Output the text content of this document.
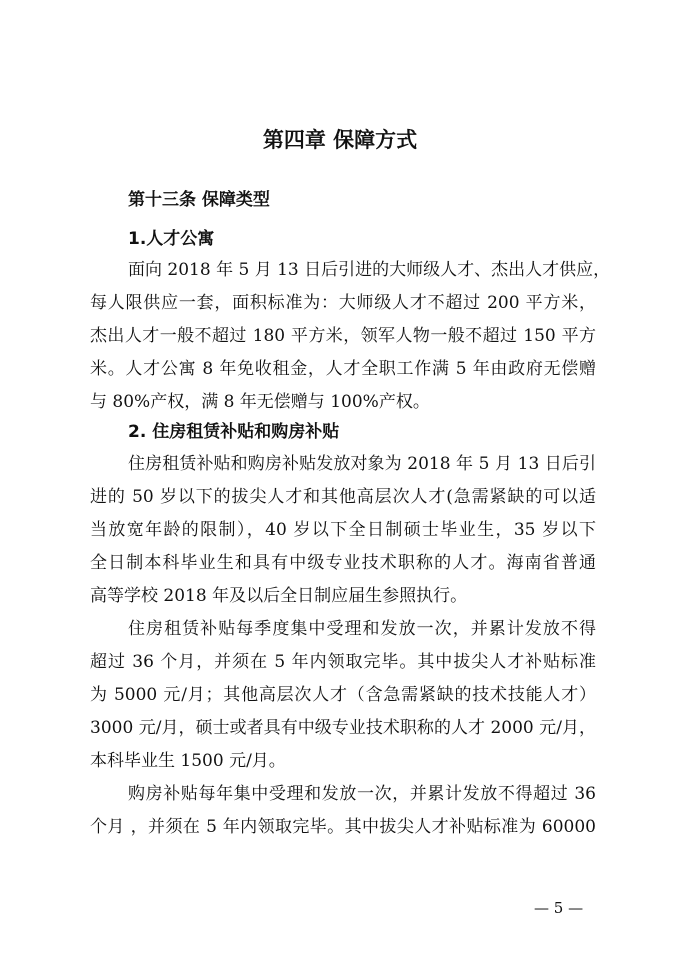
第四章 保障方式
第十三条 保障类型
1.人才公寓
面向 2018 年 5 月 13 日后引进的大师级人才、杰出人才供应，
每人限供应一套，面积标准为：大师级人才不超过 200 平方米，
杰出人才一般不超过 180 平方米，领军人物一般不超过 150 平方
米。人才公寓 8 年免收租金，人才全职工作满 5 年由政府无偿赠
与 80%产权，满 8 年无偿赠与 100%产权。
2. 住房租赁补贴和购房补贴
住房租赁补贴和购房补贴发放对象为 2018 年 5 月 13 日后引
进的 50 岁以下的拔尖人才和其他高层次人才(急需紧缺的可以适
当放宽年龄的限制），40 岁以下全日制硕士毕业生，35 岁以下
全日制本科毕业生和具有中级专业技术职称的人才。海南省普通
高等学校 2018 年及以后全日制应届生参照执行。
住房租赁补贴每季度集中受理和发放一次，并累计发放不得
超过 36 个月，并须在 5 年内领取完毕。其中拔尖人才补贴标准
为 5000 元/月；其他高层次人才（含急需紧缺的技术技能人才）
3000 元/月，硕士或者具有中级专业技术职称的人才 2000 元/月，
本科毕业生 1500 元/月。
购房补贴每年集中受理和发放一次，并累计发放不得超过 36
个月 ，并须在 5 年内领取完毕。其中拔尖人才补贴标准为 60000
— 5 —
